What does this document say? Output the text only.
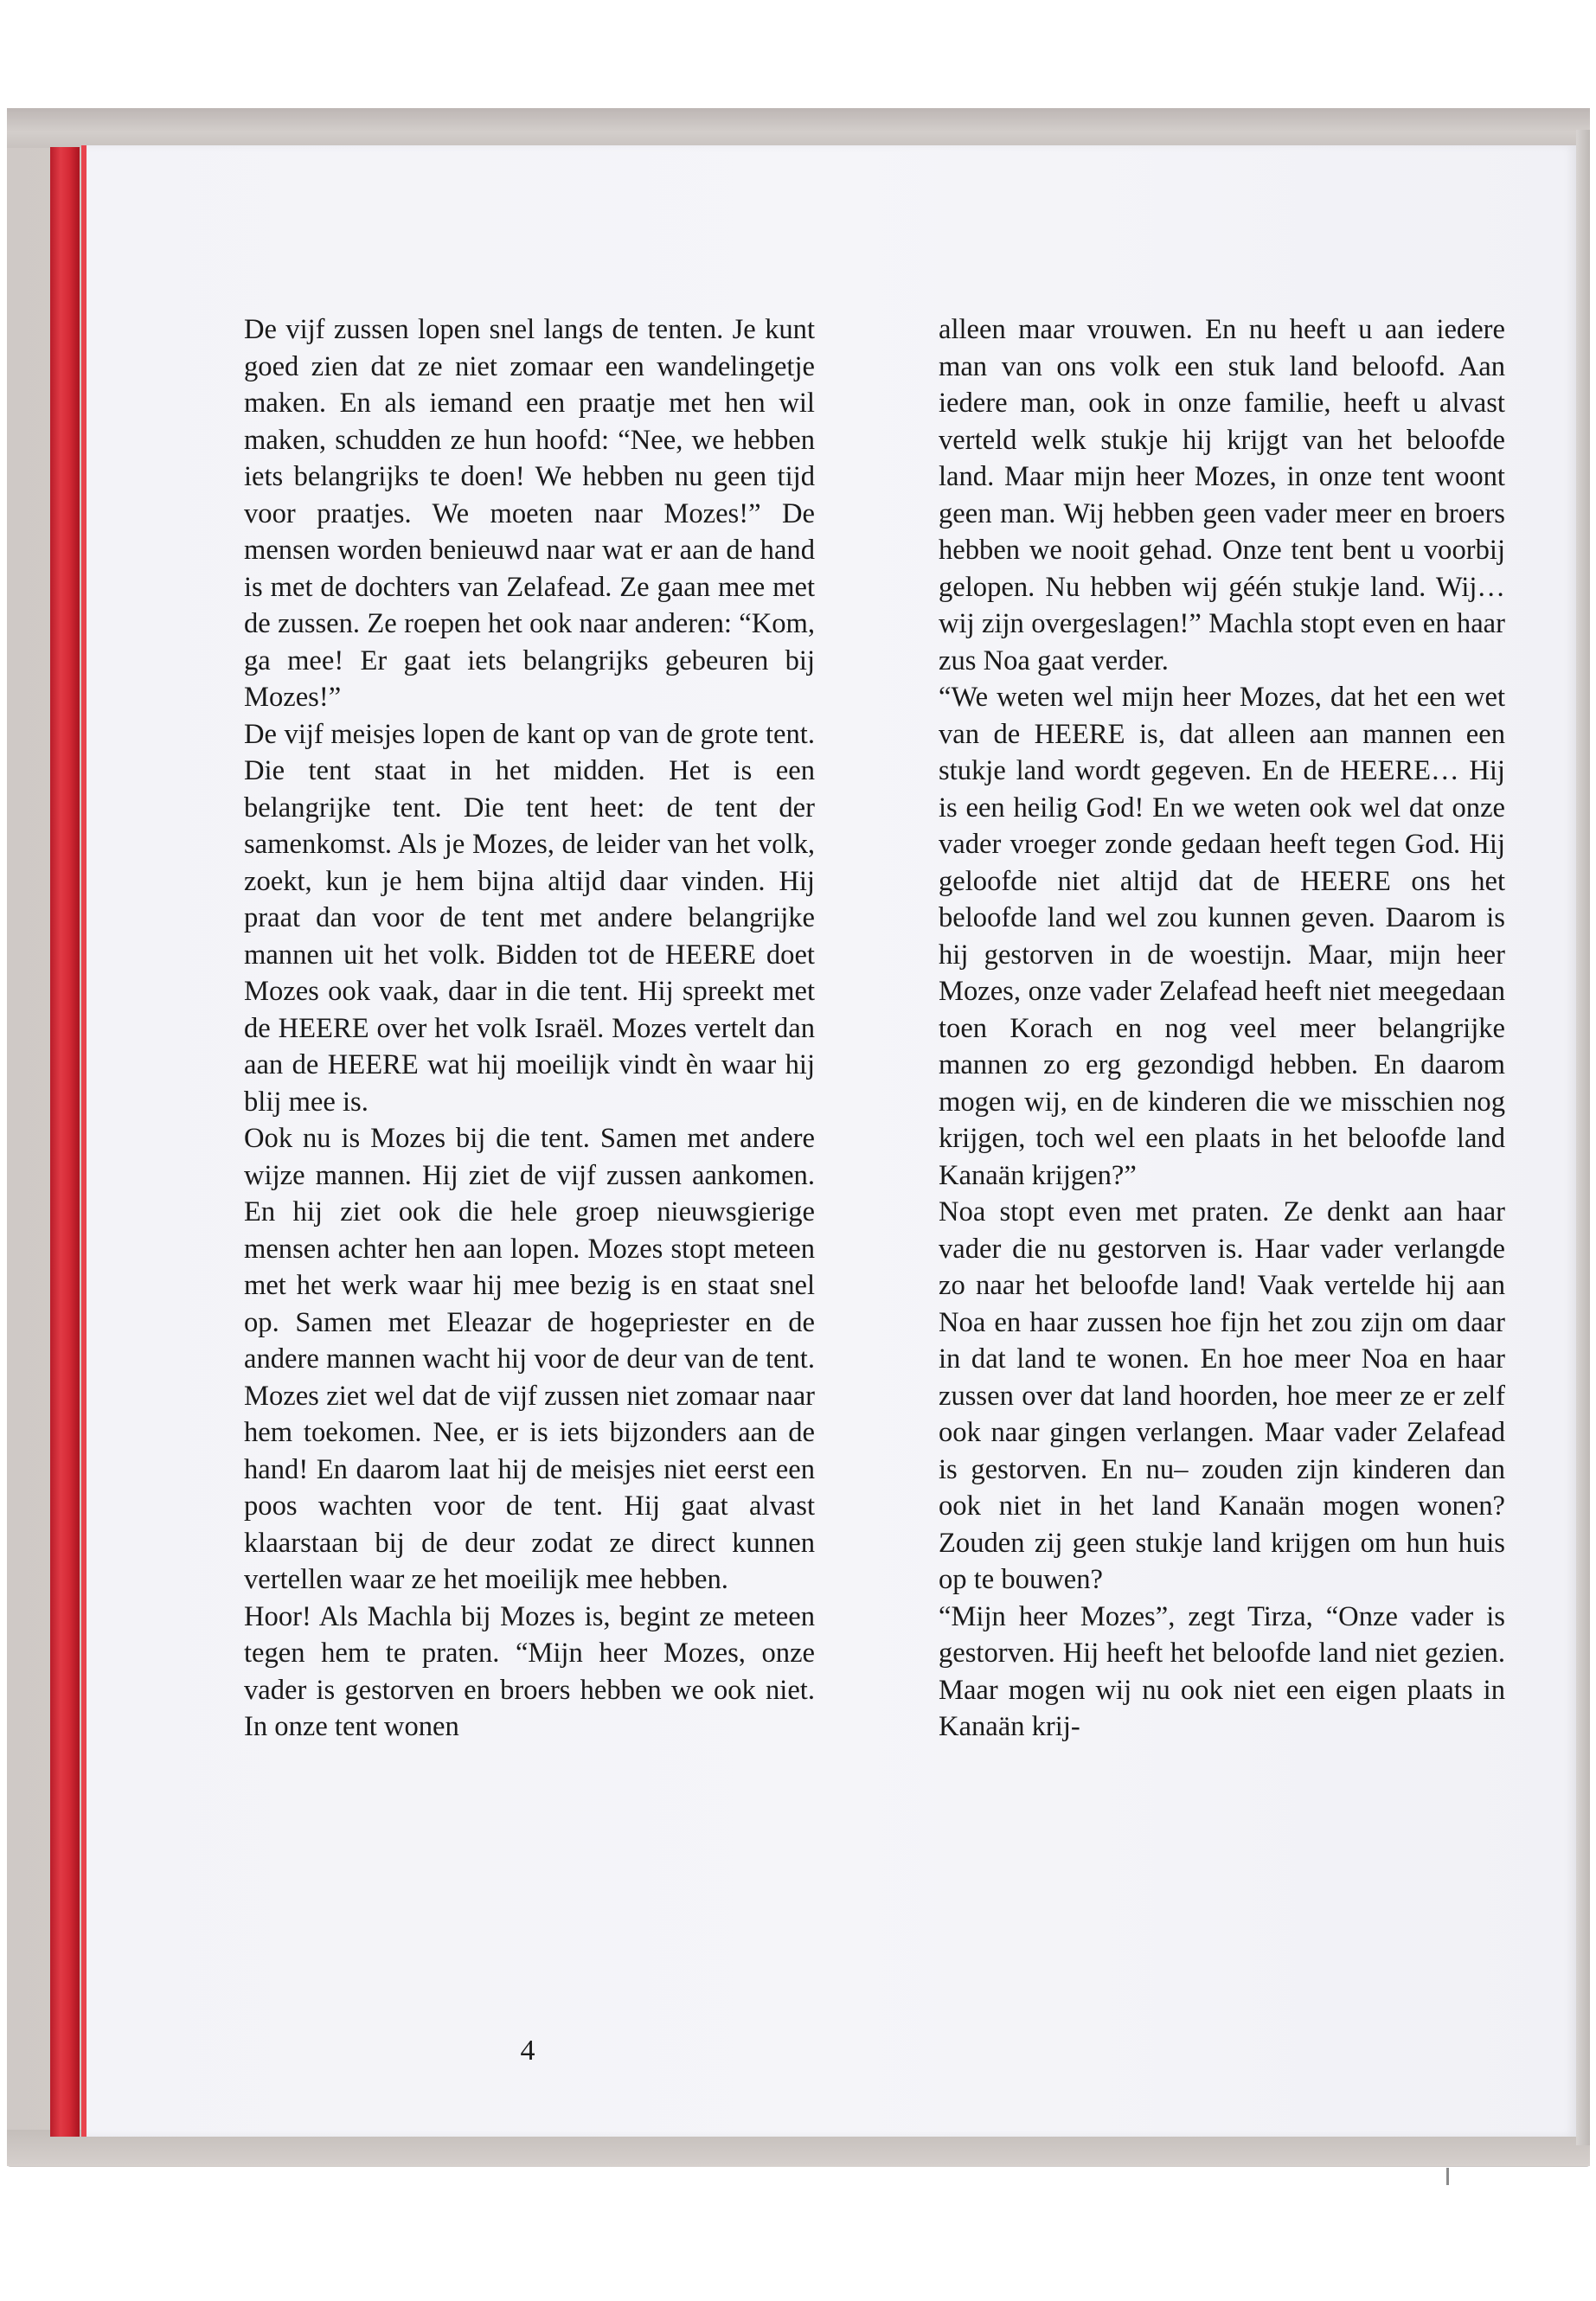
De vijf zussen lopen snel langs de tenten. Je kunt goed zien dat ze niet zomaar een wandelingetje maken. En als iemand een praatje met hen wil maken, schudden ze hun hoofd: “Nee, we hebben iets belangrijks te doen! We hebben nu geen tijd voor praatjes. We moeten naar Mozes!” De mensen worden benieuwd naar wat er aan de hand is met de dochters van Zelafead. Ze gaan mee met de zussen. Ze roepen het ook naar anderen: “Kom, ga mee! Er gaat iets belangrijks gebeuren bij Mozes!”

De vijf meisjes lopen de kant op van de grote tent. Die tent staat in het midden. Het is een belangrijke tent. Die tent heet: de tent der samenkomst. Als je Mozes, de leider van het volk, zoekt, kun je hem bijna altijd daar vinden. Hij praat dan voor de tent met andere belangrijke mannen uit het volk. Bidden tot de HEERE doet Mozes ook vaak, daar in die tent. Hij spreekt met de HEERE over het volk Israël. Mozes vertelt dan aan de HEERE wat hij moeilijk vindt èn waar hij blij mee is.

Ook nu is Mozes bij die tent. Samen met andere wijze mannen. Hij ziet de vijf zussen aankomen. En hij ziet ook die hele groep nieuwsgierige mensen achter hen aan lopen. Mozes stopt meteen met het werk waar hij mee bezig is en staat snel op. Samen met Eleazar de hogepriester en de andere mannen wacht hij voor de deur van de tent. Mozes ziet wel dat de vijf zussen niet zomaar naar hem toekomen. Nee, er is iets bijzonders aan de hand! En daarom laat hij de meisjes niet eerst een poos wachten voor de tent. Hij gaat alvast klaarstaan bij de deur zodat ze direct kunnen vertellen waar ze het moeilijk mee hebben.

Hoor! Als Machla bij Mozes is, begint ze meteen tegen hem te praten. “Mijn heer Mozes, onze vader is gestorven en broers hebben we ook niet. In onze tent wonen

alleen maar vrouwen. En nu heeft u aan iedere man van ons volk een stuk land beloofd. Aan iedere man, ook in onze familie, heeft u alvast verteld welk stukje hij krijgt van het beloofde land. Maar mijn heer Mozes, in onze tent woont geen man. Wij hebben geen vader meer en broers hebben we nooit gehad. Onze tent bent u voorbij gelopen. Nu hebben wij géén stukje land. Wij… wij zijn overgeslagen!” Machla stopt even en haar zus Noa gaat verder.

“We weten wel mijn heer Mozes, dat het een wet van de HEERE is, dat alleen aan mannen een stukje land wordt gegeven. En de HEERE… Hij is een heilig God! En we weten ook wel dat onze vader vroeger zonde gedaan heeft tegen God. Hij geloofde niet altijd dat de HEERE ons het beloofde land wel zou kunnen geven. Daarom is hij gestorven in de woestijn. Maar, mijn heer Mozes, onze vader Zelafead heeft niet meegedaan toen Korach en nog veel meer belangrijke mannen zo erg gezondigd hebben. En daarom mogen wij, en de kinderen die we misschien nog krijgen, toch wel een plaats in het beloofde land Kanaän krijgen?”

Noa stopt even met praten. Ze denkt aan haar vader die nu gestorven is. Haar vader verlangde zo naar het beloofde land! Vaak vertelde hij aan Noa en haar zussen hoe fijn het zou zijn om daar in dat land te wonen. En hoe meer Noa en haar zussen over dat land hoorden, hoe meer ze er zelf ook naar gingen verlangen. Maar vader Zelafead is gestorven. En nu– zouden zijn kinderen dan ook niet in het land Kanaän mogen wonen? Zouden zij geen stukje land krijgen om hun huis op te bouwen?

“Mijn heer Mozes”, zegt Tirza, “Onze vader is gestorven. Hij heeft het beloofde land niet gezien. Maar mogen wij nu ook niet een eigen plaats in Kanaän krij-

4
